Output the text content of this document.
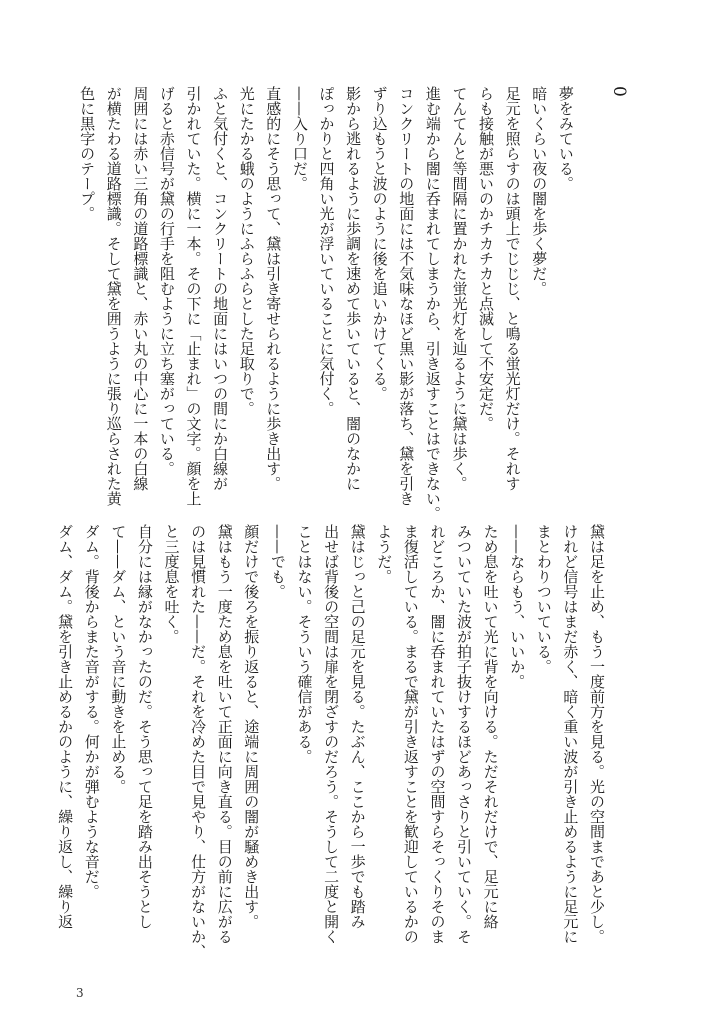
0
夢をみている。
暗いくらい夜の闇を歩く夢だ。
足元を照らすのは頭上でじじじ、と鳴る蛍光灯だけ。それす
らも接触が悪いのかチカチカと点滅して不安定だ。
てんてんと等間隔に置かれた蛍光灯を辿るように黛は歩く。
進む端から闇に呑まれてしまうから、引き返すことはできない。
コンクリートの地面には不気味なほど黒い影が落ち、黛を引き
ずり込もうと波のように後を追いかけてくる。
影から逃れるように歩調を速めて歩いていると、闇のなかに
ぽっかりと四角い光が浮いていることに気付く。
——入り口だ。
直感的にそう思って、黛は引き寄せられるように歩き出す。
光にたかる蛾のようにふらふらとした足取りで。
ふと気付くと、コンクリートの地面にはいつの間にか白線が
引かれていた。横に一本。その下に「止まれ」の文字。顔を上
げると赤信号が黛の行手を阻むように立ち塞がっている。
周囲には赤い三角の道路標識と、赤い丸の中心に一本の白線
が横たわる道路標識。そして黛を囲うように張り巡らされた黄
色に黒字のテープ。
黛は足を止め、もう一度前方を見る。光の空間まであと少し。
けれど信号はまだ赤く、暗く重い波が引き止めるように足元に
まとわりついている。
——ならもう、いいか。
ため息を吐いて光に背を向ける。ただそれだけで、足元に絡
みついていた波が拍子抜けするほどあっさりと引いていく。そ
れどころか、闇に呑まれていたはずの空間すらそっくりそのま
ま復活している。まるで黛が引き返すことを歓迎しているかの
ようだ。
黛はじっと己の足元を見る。たぶん、ここから一歩でも踏み
出せば背後の空間は扉を閉ざすのだろう。そうして二度と開く
ことはない。そういう確信がある。
——でも。
顔だけで後ろを振り返ると、途端に周囲の闇が騒めき出す。
黛はもう一度ため息を吐いて正面に向き直る。目の前に広がる
のは見慣れた——だ。それを冷めた目で見やり、仕方がないか、
と三度息を吐く。
自分には縁がなかったのだ。そう思って足を踏み出そうとし
て——ダム、という音に動きを止める。
ダム。背後からまた音がする。何かが弾むような音だ。
ダム、ダム。黛を引き止めるかのように、繰り返し、繰り返
3
